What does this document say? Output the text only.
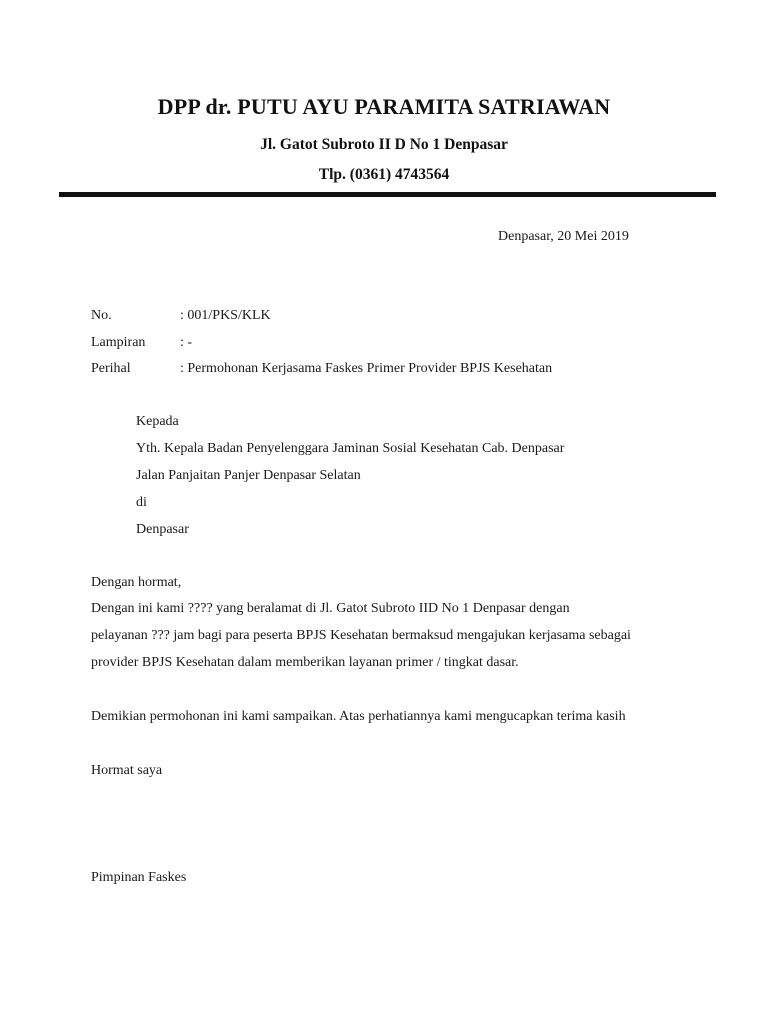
DPP dr. PUTU AYU PARAMITA SATRIAWAN
Jl. Gatot Subroto II D No 1 Denpasar
Tlp. (0361) 4743564
Denpasar, 20 Mei 2019
No.	: 001/PKS/KLK
Lampiran : -
Perihal	: Permohonan Kerjasama Faskes Primer Provider BPJS Kesehatan
Kepada
Yth. Kepala Badan Penyelenggara Jaminan Sosial Kesehatan Cab. Denpasar
Jalan Panjaitan Panjer Denpasar Selatan
di
Denpasar
Dengan hormat,
Dengan ini kami ???? yang beralamat di Jl. Gatot Subroto IID No 1 Denpasar dengan
pelayanan ??? jam bagi para peserta BPJS Kesehatan bermaksud mengajukan kerjasama sebagai
provider BPJS Kesehatan dalam memberikan layanan primer / tingkat dasar.
Demikian permohonan ini kami sampaikan. Atas perhatiannya kami mengucapkan terima kasih
Hormat saya
Pimpinan Faskes
